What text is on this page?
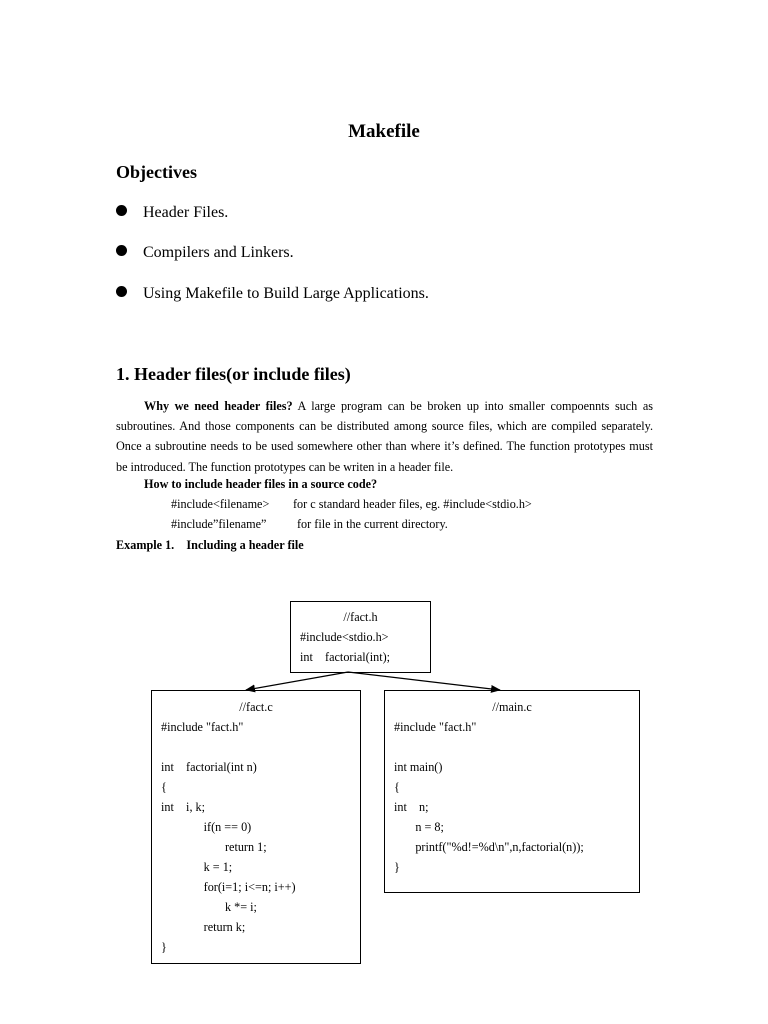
Makefile
Objectives
Header Files.
Compilers and Linkers.
Using Makefile to Build Large Applications.
1. Header files(or include files)
Why we need header files? A large program can be broken up into smaller compoennts such as subroutines. And those components can be distributed among source files, which are compiled separately. Once a subroutine needs to be used somewhere other than where it’s defined. The function prototypes must be introduced. The function prototypes can be writen in a header file.
How to include header files in a source code?
#include<filename> for c standard header files, eg. #include<stdio.h>
#include”filename”	for file in the current directory.
Example 1.    Including a header file
//fact.h
#include<stdio.h>
int    factorial(int);
//fact.c
#include "fact.h"
int    factorial(int n)
{
int    i, k;
if(n == 0)
return 1;
k = 1;
for(i=1; i<=n; i++)
k *= i;
return k;
}
//main.c
#include "fact.h"
int main()
{
int    n;
n = 8;
printf("%d!=%d\n",n,factorial(n));
}
